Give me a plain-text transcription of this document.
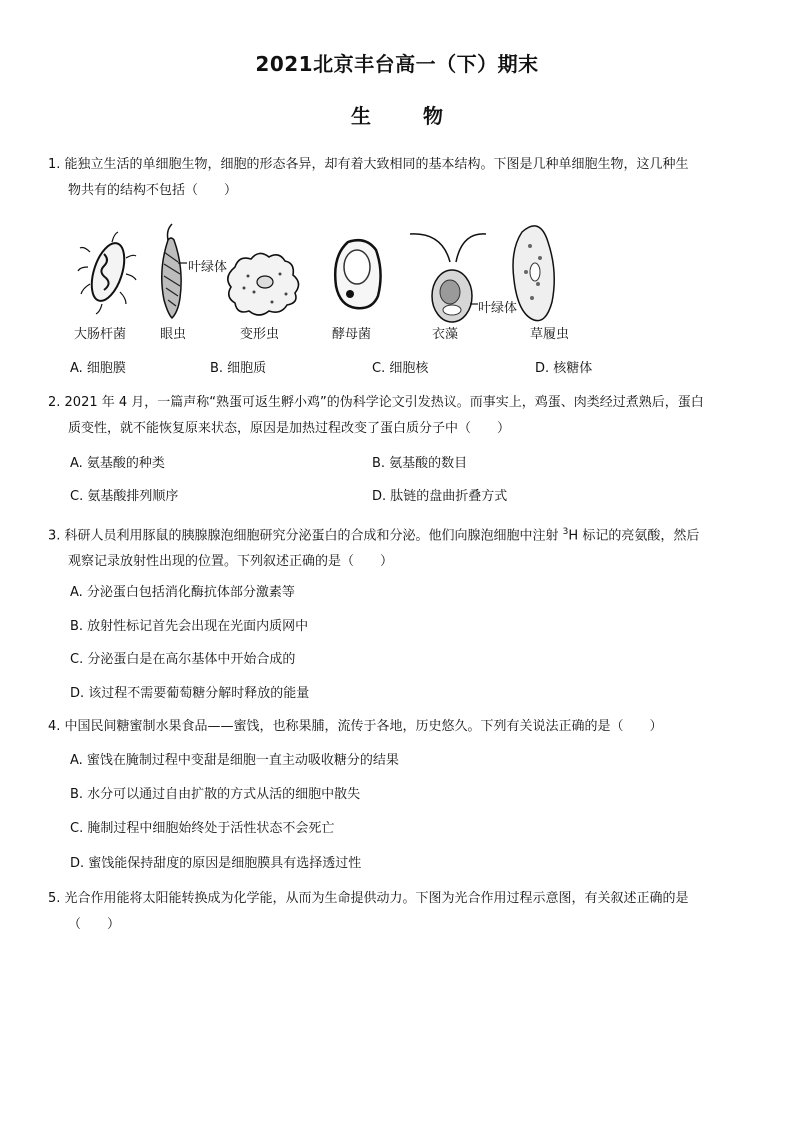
2021北京丰台高一（下）期末
生	物
1. 能独立生活的单细胞生物，细胞的形态各异，却有着大致相同的基本结构。下图是几种单细胞生物，这几种生
物共有的结构不包括（　　）
叶绿体
叶绿体
大肠杆菌	眼虫	变形虫	酵母菌	衣藻	草履虫
A. 细胞膜	B. 细胞质	C. 细胞核	D. 核糖体
2. 2021 年 4 月，一篇声称“熟蛋可返生孵小鸡”的伪科学论文引发热议。而事实上，鸡蛋、肉类经过煮熟后，蛋白
质变性，就不能恢复原来状态，原因是加热过程改变了蛋白质分子中（　　）
A. 氨基酸的种类	B. 氨基酸的数目
C. 氨基酸排列顺序	D. 肽链的盘曲折叠方式
3. 科研人员利用豚鼠的胰腺腺泡细胞研究分泌蛋白的合成和分泌。他们向腺泡细胞中注射 $^3$H 标记的亮氨酸，然后
观察记录放射性出现的位置。下列叙述正确的是（　　）
A. 分泌蛋白包括消化酶抗体部分激素等
B. 放射性标记首先会出现在光面内质网中
C. 分泌蛋白是在高尔基体中开始合成的
D. 该过程不需要葡萄糖分解时释放的能量
4. 中国民间糖蜜制水果食品——蜜饯，也称果脯，流传于各地，历史悠久。下列有关说法正确的是（　　）
A. 蜜饯在腌制过程中变甜是细胞一直主动吸收糖分的结果
B. 水分可以通过自由扩散的方式从活的细胞中散失
C. 腌制过程中细胞始终处于活性状态不会死亡
D. 蜜饯能保持甜度的原因是细胞膜具有选择透过性
5. 光合作用能将太阳能转换成为化学能，从而为生命提供动力。下图为光合作用过程示意图，有关叙述正确的是
（　　）
